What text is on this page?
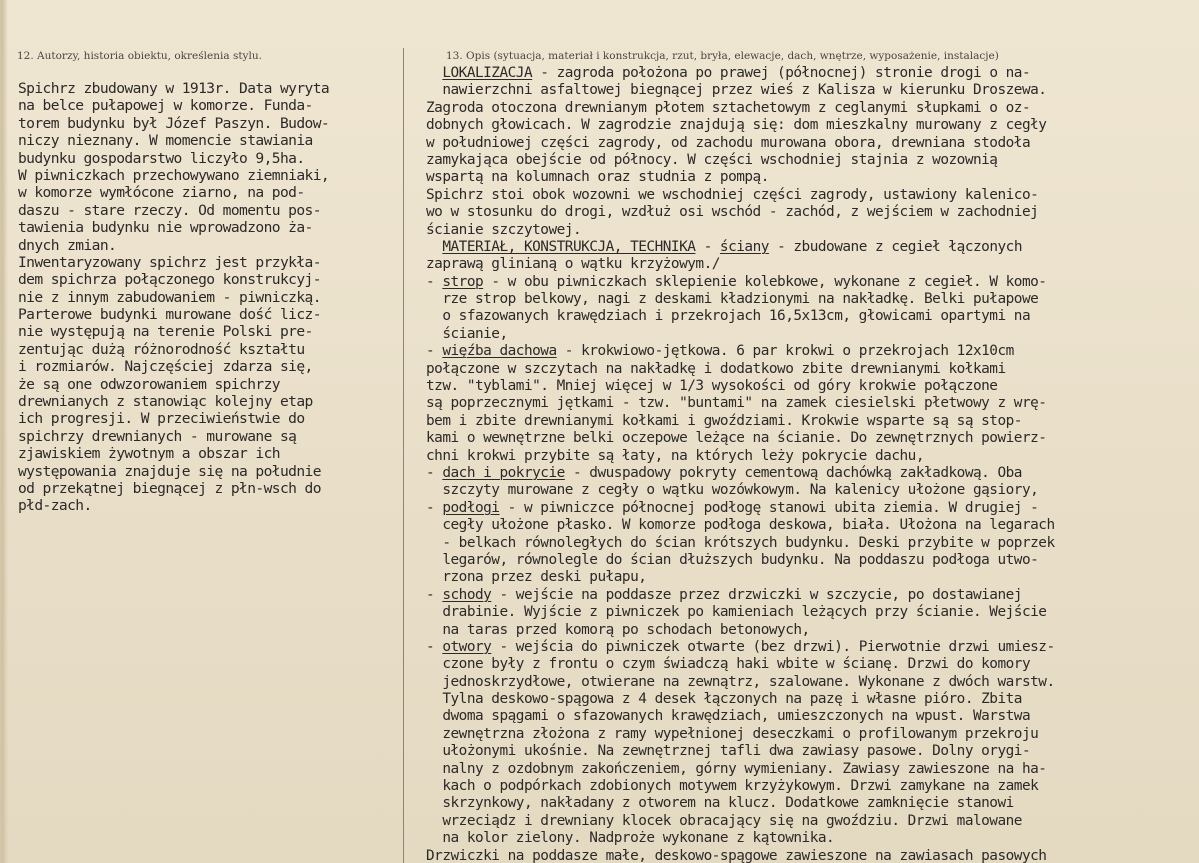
12. Autorzy, historia obiektu, określenia stylu.	13. Opis (sytuacja, materiał i konstrukcja, rzut, bryła, elewacje, dach, wnętrze, wyposażenie, instalacje)
Spichrz zbudowany w 1913r. Data wyryta
na belce pułapowej w komorze. Funda-
torem budynku był Józef Paszyn. Budow-
niczy nieznany. W momencie stawiania
budynku gospodarstwo liczyło 9,5ha.
W piwniczkach przechowywano ziemniaki,
w komorze wymłócone ziarno, na pod-
daszu - stare rzeczy. Od momentu pos-
tawienia budynku nie wprowadzono ża-
dnych zmian.
Inwentaryzowany spichrz jest przykła-
dem spichrza połączonego konstrukcyj-
nie z innym zabudowaniem - piwniczką.
Parterowe budynki murowane dość licz-
nie występują na terenie Polski pre-
zentując dużą różnorodność kształtu
i rozmiarów. Najczęściej zdarza się,
że są one odwzorowaniem spichrzy
drewnianych z stanowiąc kolejny etap
ich progresji. W przeciwieństwie do
spichrzy drewnianych - murowane są
zjawiskiem żywotnym a obszar ich
występowania znajduje się na południe
od przekątnej biegnącej z płn-wsch do
płd-zach.
LOKALIZACJA - zagroda położona po prawej (północnej) stronie drogi o na-
nawierzchni asfaltowej biegnącej przez wieś z Kalisza w kierunku Droszewa.
Zagroda otoczona drewnianym płotem sztachetowym z ceglanymi słupkami o oz-
dobnych głowicach. W zagrodzie znajdują się: dom mieszkalny murowany z cegły
w południowej części zagrody, od zachodu murowana obora, drewniana stodoła
zamykająca obejście od północy. W części wschodniej stajnia z wozownią
wspartą na kolumnach oraz studnia z pompą.
Spichrz stoi obok wozowni we wschodniej części zagrody, ustawiony kalenico-
wo w stosunku do drogi, wzdłuż osi wschód - zachód, z wejściem w zachodniej
ścianie szczytowej.
MATERIAŁ, KONSTRUKCJA, TECHNIKA - ściany - zbudowane z cegieł łączonych
zaprawą glinianą o wątku krzyżowym./
- strop - w obu piwniczkach sklepienie kolebkowe, wykonane z cegieł. W komo-
rze strop belkowy, nagi z deskami kładzionymi na nakładkę. Belki pułapowe
o sfazowanych krawędziach i przekrojach 16,5x13cm, głowicami opartymi na
ścianie,
- więźba dachowa - krokwiowo-jętkowa. 6 par krokwi o przekrojach 12x10cm
połączone w szczytach na nakładkę i dodatkowo zbite drewnianymi kołkami
tzw. "tyblami". Mniej więcej w 1/3 wysokości od góry krokwie połączone
są poprzecznymi jętkami - tzw. "buntami" na zamek ciesielski płetwowy z wrę-
bem i zbite drewnianymi kołkami i gwoździami. Krokwie wsparte są są stop-
kami o wewnętrzne belki oczepowe leżące na ścianie. Do zewnętrznych powierz-
chni krokwi przybite są łaty, na których leży pokrycie dachu,
- dach i pokrycie - dwuspadowy pokryty cementową dachówką zakładkową. Oba
szczyty murowane z cegły o wątku wozówkowym. Na kalenicy ułożone gąsiory,
- podłogi - w piwniczce północnej podłogę stanowi ubita ziemia. W drugiej -
cegły ułożone płasko. W komorze podłoga deskowa, biała. Ułożona na legarach
- belkach równoległych do ścian krótszych budynku. Deski przybite w poprzek
legarów, równolegle do ścian dłuższych budynku. Na poddaszu podłoga utwo-
rzona przez deski pułapu,
- schody - wejście na poddasze przez drzwiczki w szczycie, po dostawianej
drabinie. Wyjście z piwniczek po kamieniach leżących przy ścianie. Wejście
na taras przed komorą po schodach betonowych,
- otwory - wejścia do piwniczek otwarte (bez drzwi). Pierwotnie drzwi umiesz-
czone były z frontu o czym świadczą haki wbite w ścianę. Drzwi do komory
jednoskrzydłowe, otwierane na zewnątrz, szalowane. Wykonane z dwóch warstw.
Tylna deskowo-spągowa z 4 desek łączonych na pazę i własne pióro. Zbita
dwoma spągami o sfazowanych krawędziach, umieszczonych na wpust. Warstwa
zewnętrzna złożona z ramy wypełnionej deseczkami o profilowanym przekroju
ułożonymi ukośnie. Na zewnętrznej tafli dwa zawiasy pasowe. Dolny orygi-
nalny z ozdobnym zakończeniem, górny wymieniany. Zawiasy zawieszone na ha-
kach o podpórkach zdobionych motywem krzyżykowym. Drzwi zamykane na zamek
skrzynkowy, nakładany z otworem na klucz. Dodatkowe zamknięcie stanowi
wrzeciądz i drewniany klocek obracający się na gwoździu. Drzwi malowane
na kolor zielony. Nadproże wykonane z kątownika.
Drzwiczki na poddasze małe, deskowo-spągowe zawieszone na zawiasach pasowych
